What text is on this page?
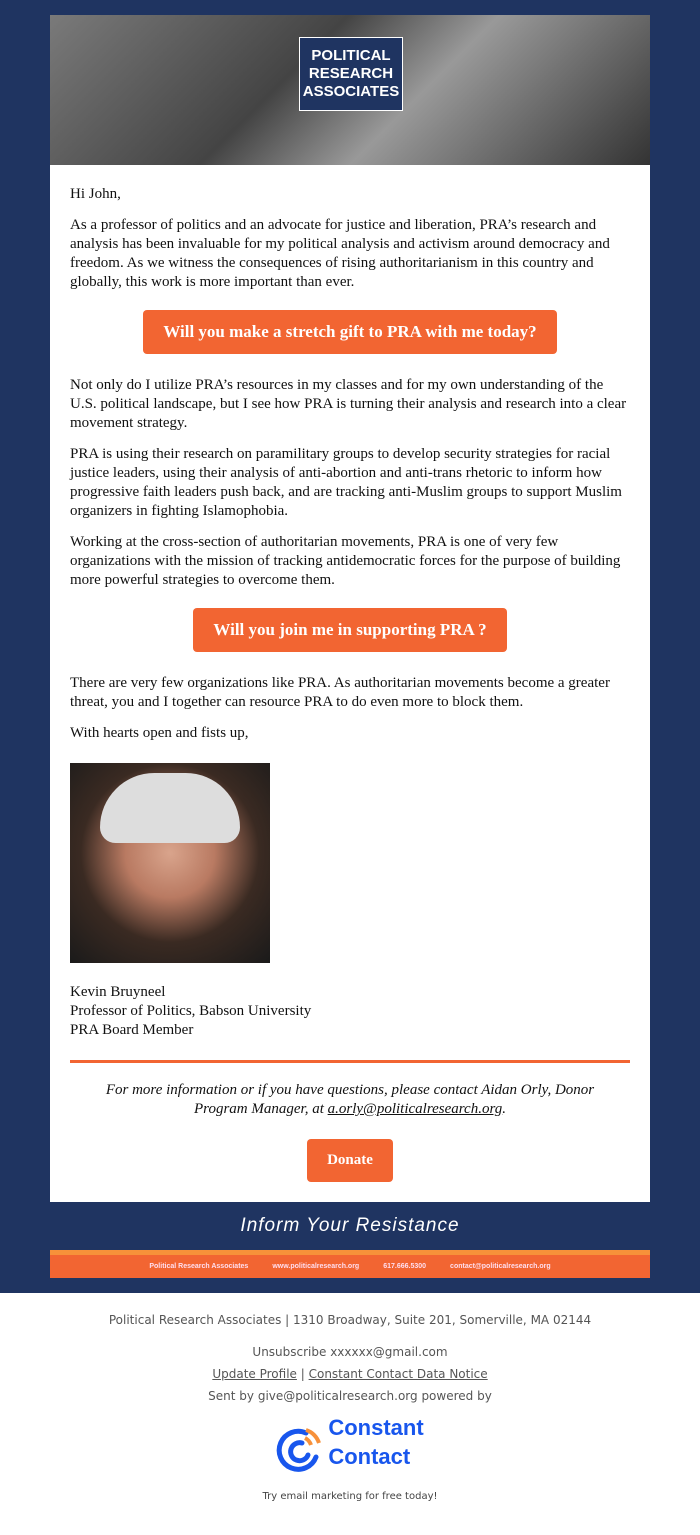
POLITICAL
RESEARCH
ASSOCIATES

Hi John,

As a professor of politics and an advocate for justice and liberation, PRA’s research and analysis has been invaluable for my political analysis and activism around democracy and freedom. As we witness the consequences of rising authoritarianism in this country and globally, this work is more important than ever.

Will you make a stretch gift to PRA with me today?

Not only do I utilize PRA’s resources in my classes and for my own understanding of the U.S. political landscape, but I see how PRA is turning their analysis and research into a clear movement strategy.

PRA is using their research on paramilitary groups to develop security strategies for racial justice leaders, using their analysis of anti-abortion and anti-trans rhetoric to inform how progressive faith leaders push back, and are tracking anti-Muslim groups to support Muslim organizers in fighting Islamophobia.

Working at the cross-section of authoritarian movements, PRA is one of very few organizations with the mission of tracking antidemocratic forces for the purpose of building more powerful strategies to overcome them.

Will you join me in supporting PRA ?

There are very few organizations like PRA. As authoritarian movements become a greater threat, you and I together can resource PRA to do even more to block them.

With hearts open and fists up,

Kevin Bruyneel
Professor of Politics, Babson University
PRA Board Member
For more information or if you have questions, please contact Aidan Orly, Donor Program Manager, at a.orly@politicalresearch.org.
Donate
Inform Your Resistance
Political Research Associates	www.politicalresearch.org	617.666.5300	contact@politicalresearch.org
Political Research Associates | 1310 Broadway, Suite 201, Somerville, MA 02144
Unsubscribe xxxxxx@gmail.com
Update Profile | Constant Contact Data Notice
Sent by give@politicalresearch.org powered by
Constant
Contact
Try email marketing for free today!
